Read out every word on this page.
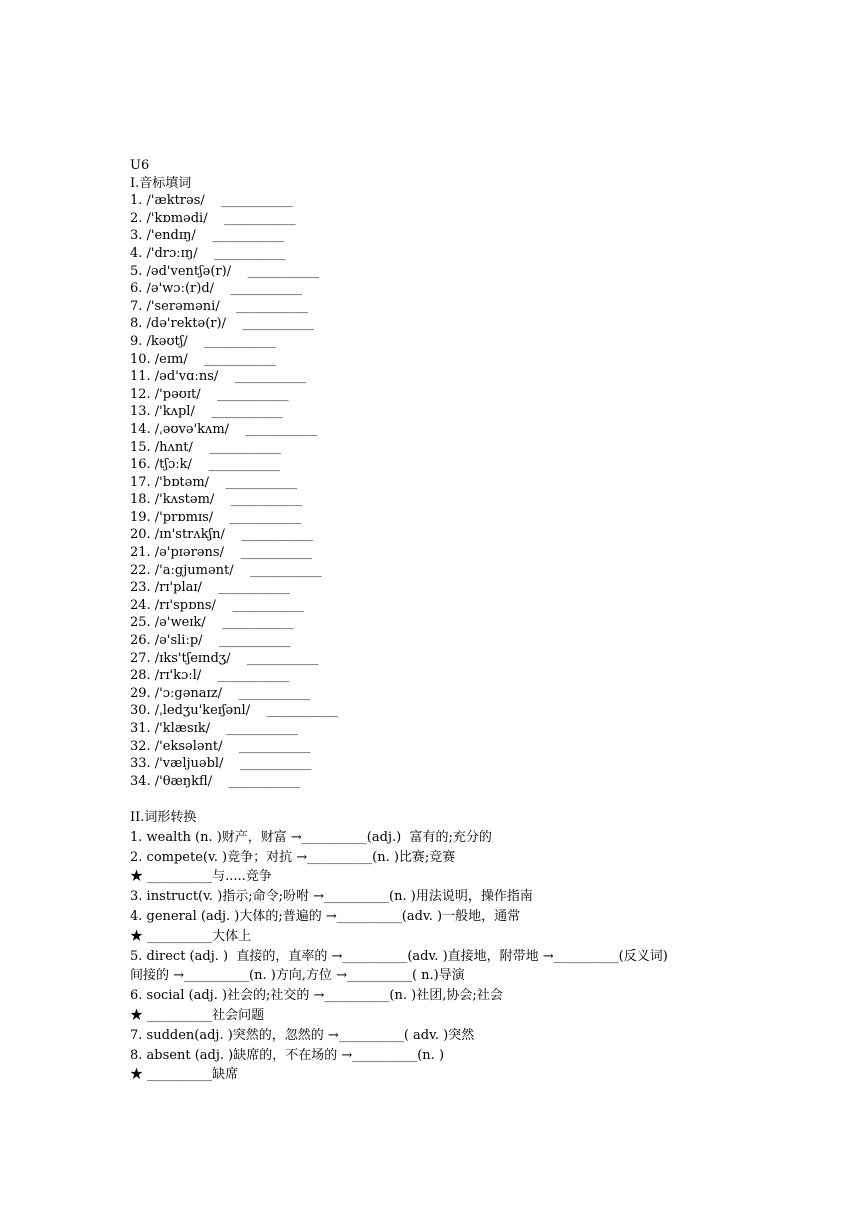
U6
I.音标填词
1. /'æktrəs/    ___________
2. /'kɒmədi/    ___________
3. /'endɪŋ/    ___________
4. /'drɔːɪŋ/    ___________
5. /əd'ventʃə(r)/    ___________
6. /ə'wɔː(r)d/    ___________
7. /'serəməni/    ___________
8. /də'rektə(r)/    ___________
9. /kəʊtʃ/    ___________
10. /eɪm/    ___________
11. /əd'vɑːns/    ___________
12. /'pəʊɪt/    ___________
13. /'kʌpl/    ___________
14. /ˌəʊvə'kʌm/    ___________
15. /hʌnt/    ___________
16. /tʃɔːk/    ___________
17. /'bɒtəm/    ___________
18. /'kʌstəm/    ___________
19. /'prɒmɪs/    ___________
20. /ɪn'strʌkʃn/    ___________
21. /ə'pɪərəns/    ___________
22. /'aːgjumənt/    ___________
23. /rɪ'plaɪ/    ___________
24. /rɪ'spɒns/    ___________
25. /ə'weɪk/    ___________
26. /ə'sliːp/    ___________
27. /ɪks'tʃeɪndʒ/    ___________
28. /rɪ'kɔːl/    ___________
29. /'ɔːgənaɪz/    ___________
30. /ˌledʒu'keɪʃənl/    ___________
31. /'klæsɪk/    ___________
32. /'eksələnt/    ___________
33. /'væljuəbl/    ___________
34. /'θæŋkfl/    ___________
II.词形转换
1. wealth (n. )财产，财富 →__________(adj.)  富有的;充分的
2. compete(v. )竞争；对抗 →__________(n. )比赛;竞赛
★ __________与.....竞争
3. instruct(v. )指示;命令;吩咐 →__________(n. )用法说明，操作指南
4. general (adj. )大体的;普遍的 →__________(adv. )一般地，通常
★ __________大体上
5. direct (adj. )  直接的，直率的 →__________(adv. )直接地，附带地 →__________(反义词)
间接的 →__________(n. )方向,方位 →__________( n.)导演
6. social (adj. )社会的;社交的 →__________(n. )社团,协会;社会
★ __________社会问题
7. sudden(adj. )突然的，忽然的 →__________( adv. )突然
8. absent (adj. )缺席的，不在场的 →__________(n. )
★ __________缺席
